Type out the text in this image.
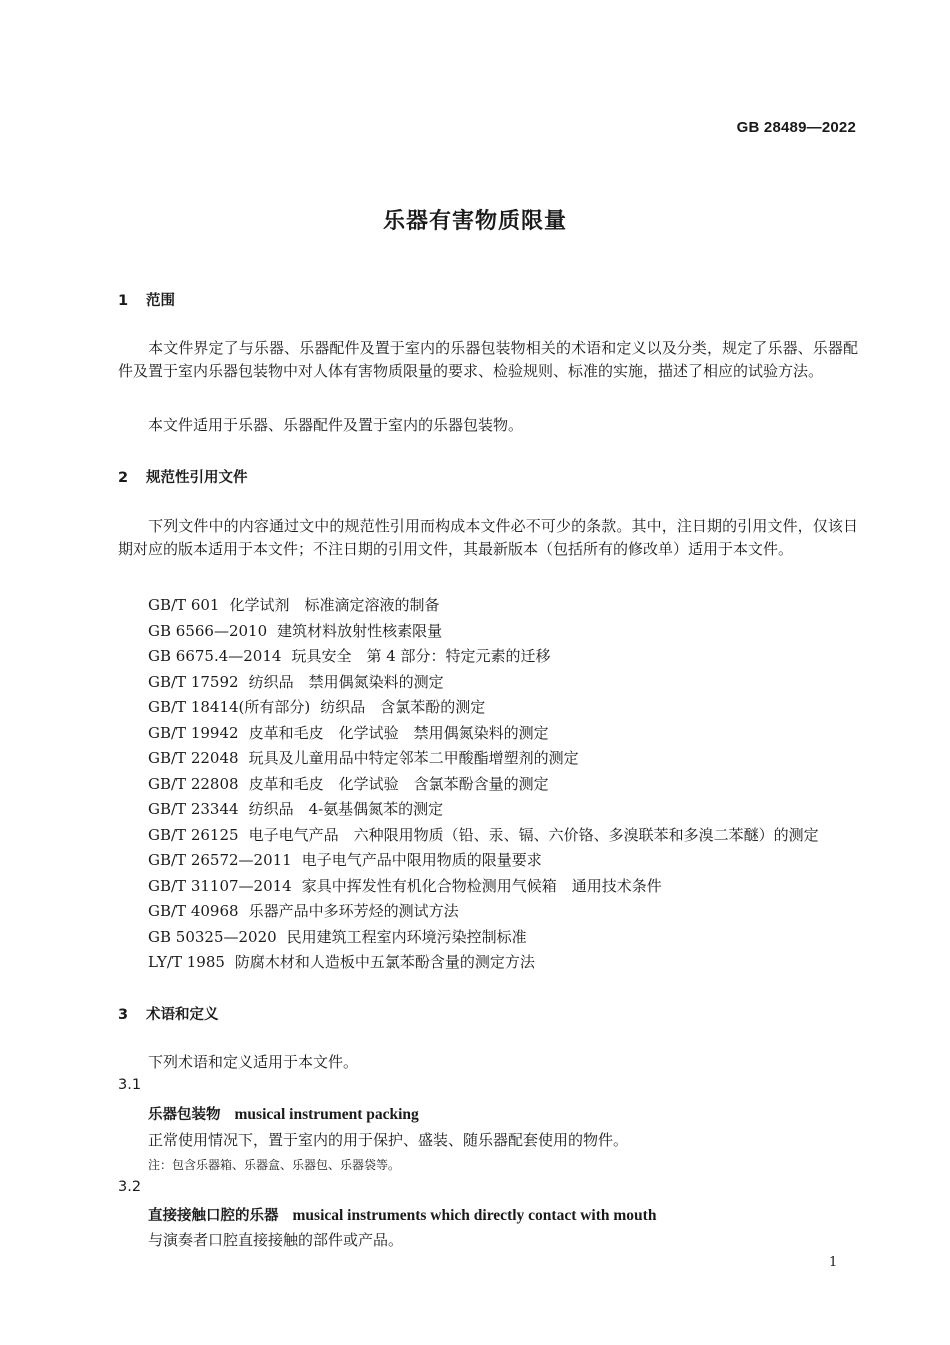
GB 28489—2022
乐器有害物质限量
1 范围
本文件界定了与乐器、乐器配件及置于室内的乐器包装物相关的术语和定义以及分类，规定了乐器、乐器配件及置于室内乐器包装物中对人体有害物质限量的要求、检验规则、标准的实施，描述了相应的试验方法。
本文件适用于乐器、乐器配件及置于室内的乐器包装物。
2 规范性引用文件
下列文件中的内容通过文中的规范性引用而构成本文件必不可少的条款。其中，注日期的引用文件，仅该日期对应的版本适用于本文件；不注日期的引用文件，其最新版本（包括所有的修改单）适用于本文件。
GB/T 601 化学试剂　标准滴定溶液的制备
GB 6566—2010 建筑材料放射性核素限量
GB 6675.4—2014 玩具安全　第 4 部分：特定元素的迁移
GB/T 17592 纺织品　禁用偶氮染料的测定
GB/T 18414(所有部分) 纺织品　含氯苯酚的测定
GB/T 19942 皮革和毛皮　化学试验　禁用偶氮染料的测定
GB/T 22048 玩具及儿童用品中特定邻苯二甲酸酯增塑剂的测定
GB/T 22808 皮革和毛皮　化学试验　含氯苯酚含量的测定
GB/T 23344 纺织品　4-氨基偶氮苯的测定
GB/T 26125 电子电气产品　六种限用物质（铅、汞、镉、六价铬、多溴联苯和多溴二苯醚）的测定
GB/T 26572—2011 电子电气产品中限用物质的限量要求
GB/T 31107—2014 家具中挥发性有机化合物检测用气候箱　通用技术条件
GB/T 40968 乐器产品中多环芳烃的测试方法
GB 50325—2020 民用建筑工程室内环境污染控制标准
LY/T 1985 防腐木材和人造板中五氯苯酚含量的测定方法
3 术语和定义
下列术语和定义适用于本文件。
3.1
乐器包装物 musical instrument packing
正常使用情况下，置于室内的用于保护、盛装、随乐器配套使用的物件。
注：包含乐器箱、乐器盒、乐器包、乐器袋等。
3.2
直接接触口腔的乐器 musical instruments which directly contact with mouth
与演奏者口腔直接接触的部件或产品。
1
